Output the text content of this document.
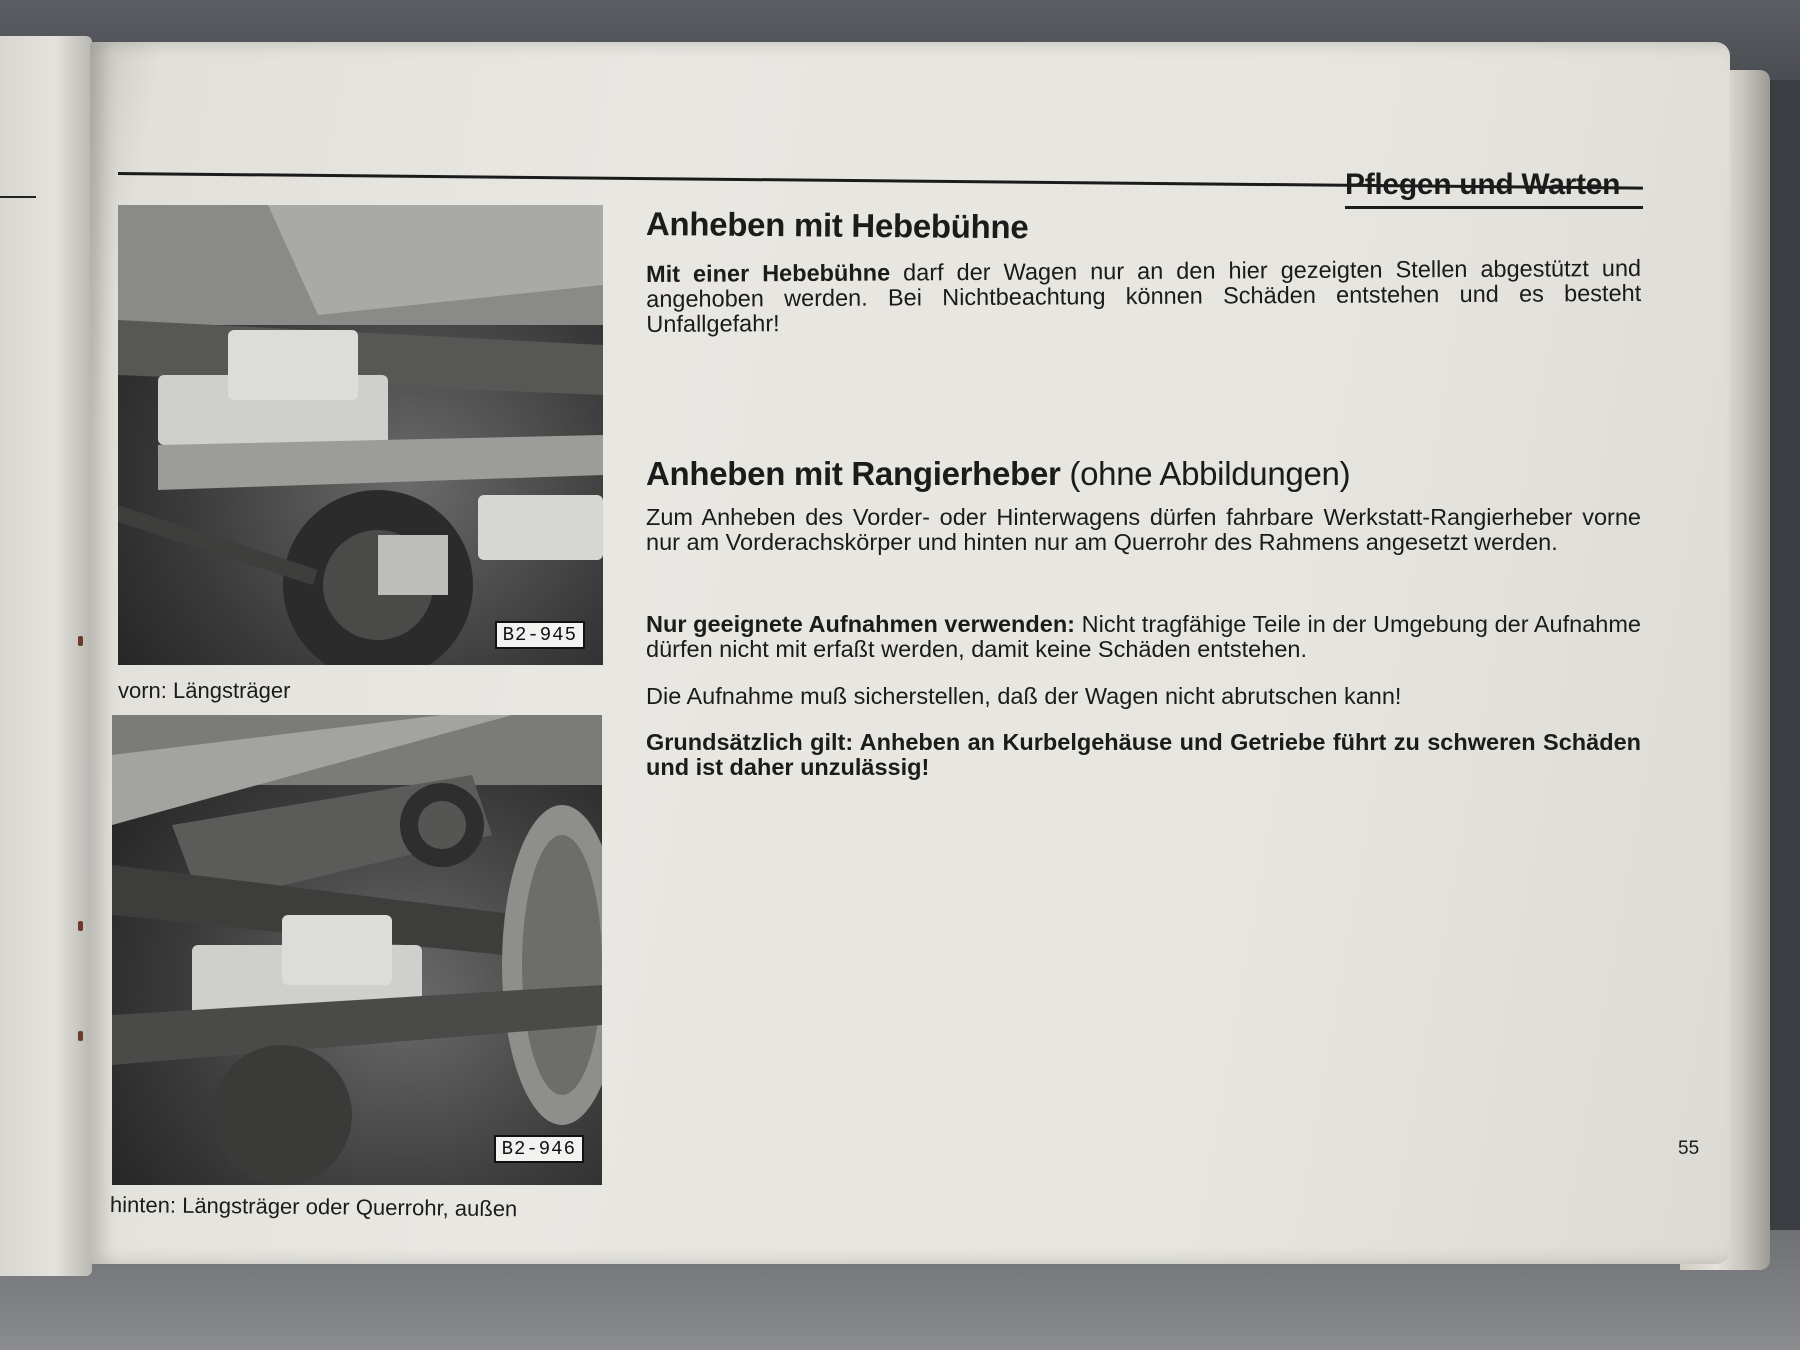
Pflegen und Warten
B2-945
vorn: Längsträger
B2-946
hinten: Längsträger oder Querrohr, außen
Anheben mit Hebebühne
Mit einer Hebebühne darf der Wagen nur an den hier gezeigten Stellen abgestützt und angehoben werden. Bei Nichtbeachtung können Schäden entstehen und es besteht Unfallgefahr!
Anheben mit Rangierheber (ohne Abbildungen)
Zum Anheben des Vorder- oder Hinterwagens dürfen fahrbare Werkstatt-Rangierheber vorne nur am Vorderachskörper und hinten nur am Querrohr des Rahmens angesetzt werden.
Nur geeignete Aufnahmen verwenden: Nicht tragfähige Teile in der Umgebung der Aufnahme dürfen nicht mit erfaßt werden, damit keine Schäden entstehen.
Die Aufnahme muß sicherstellen, daß der Wagen nicht abrutschen kann!
Grundsätzlich gilt: Anheben an Kurbelgehäuse und Getriebe führt zu schweren Schäden und ist daher unzulässig!
55
